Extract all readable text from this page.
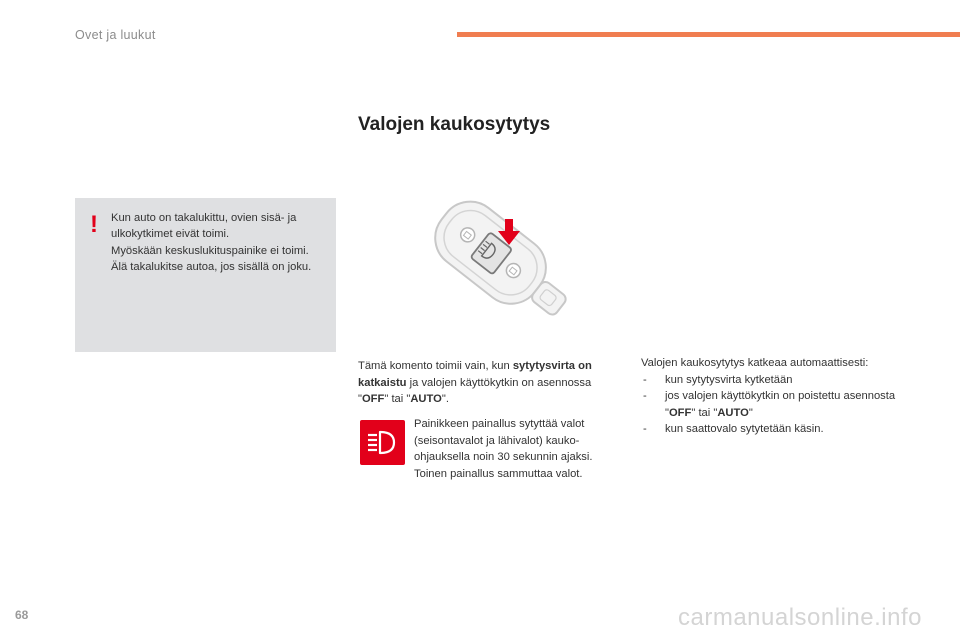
Ovet ja luukut
Valojen kaukosytytys
! Kun auto on takalukittu, ovien sisä- ja ulkokytkimet eivät toimi.

Myöskään keskuslukituspainike ei toimi.

Älä takalukitse autoa, jos sisällä on joku.

Tämä komento toimii vain, kun sytytysvirta on katkaistu ja valojen käyttökytkin on asennossa "OFF" tai "AUTO".

Painikkeen painallus sytyttää valot (seisontavalot ja lähivalot) kauko-ohjauksella noin 30 sekunnin ajaksi. Toinen painallus sammuttaa valot.

Valojen kaukosytytys katkeaa automaattisesti:

- kun sytytysvirta kytketään
- jos valojen käyttökytkin on poistettu asennosta "OFF" tai "AUTO"
- kun saattovalo sytytetään käsin.
68	carmanualsonline.info
